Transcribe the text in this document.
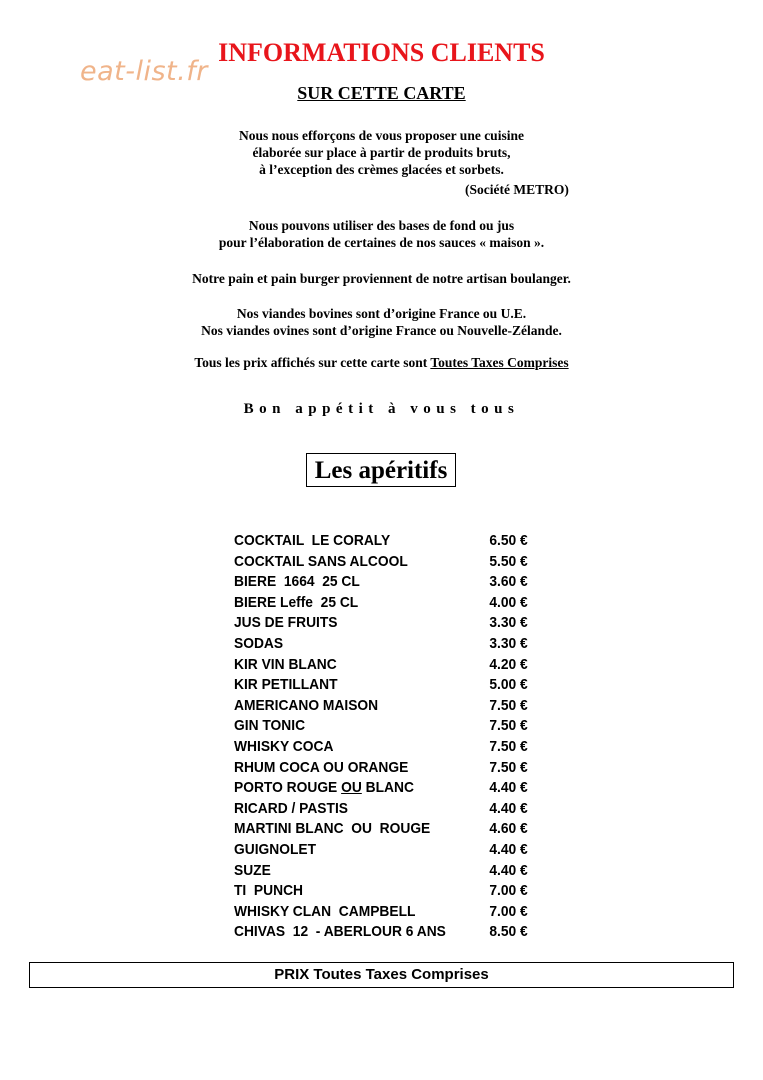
eat-list.fr
INFORMATIONS CLIENTS
SUR CETTE CARTE
Nous nous efforçons de vous proposer une cuisine
élaborée sur place à partir de produits bruts,
à l’exception des crèmes glacées et sorbets.
(Société METRO)
Nous pouvons utiliser des bases de fond ou jus
pour l’élaboration de certaines de nos sauces « maison ».
Notre pain et pain burger proviennent de notre artisan boulanger.
Nos viandes bovines sont d’origine France ou U.E.
Nos viandes ovines sont d’origine France ou Nouvelle-Zélande.
Tous les prix affichés sur cette carte sont Toutes Taxes Comprises
Bon appétit à vous tous
Les apéritifs
COCKTAIL  LE CORALY	6.50 €
COCKTAIL SANS ALCOOL	5.50 €
BIERE  1664  25 CL	3.60 €
BIERE Leffe  25 CL	4.00 €
JUS DE FRUITS	3.30 €
SODAS	3.30 €
KIR VIN BLANC	4.20 €
KIR PETILLANT	5.00 €
AMERICANO MAISON	7.50 €
GIN TONIC	7.50 €
WHISKY COCA	7.50 €
RHUM COCA OU ORANGE	7.50 €
PORTO ROUGE OU BLANC	4.40 €
RICARD / PASTIS	4.40 €
MARTINI BLANC  OU  ROUGE	4.60 €
GUIGNOLET	4.40 €
SUZE	4.40 €
TI  PUNCH	7.00 €
WHISKY CLAN  CAMPBELL	7.00 €
CHIVAS  12  - ABERLOUR 6 ANS	8.50 €
PRIX Toutes Taxes Comprises
